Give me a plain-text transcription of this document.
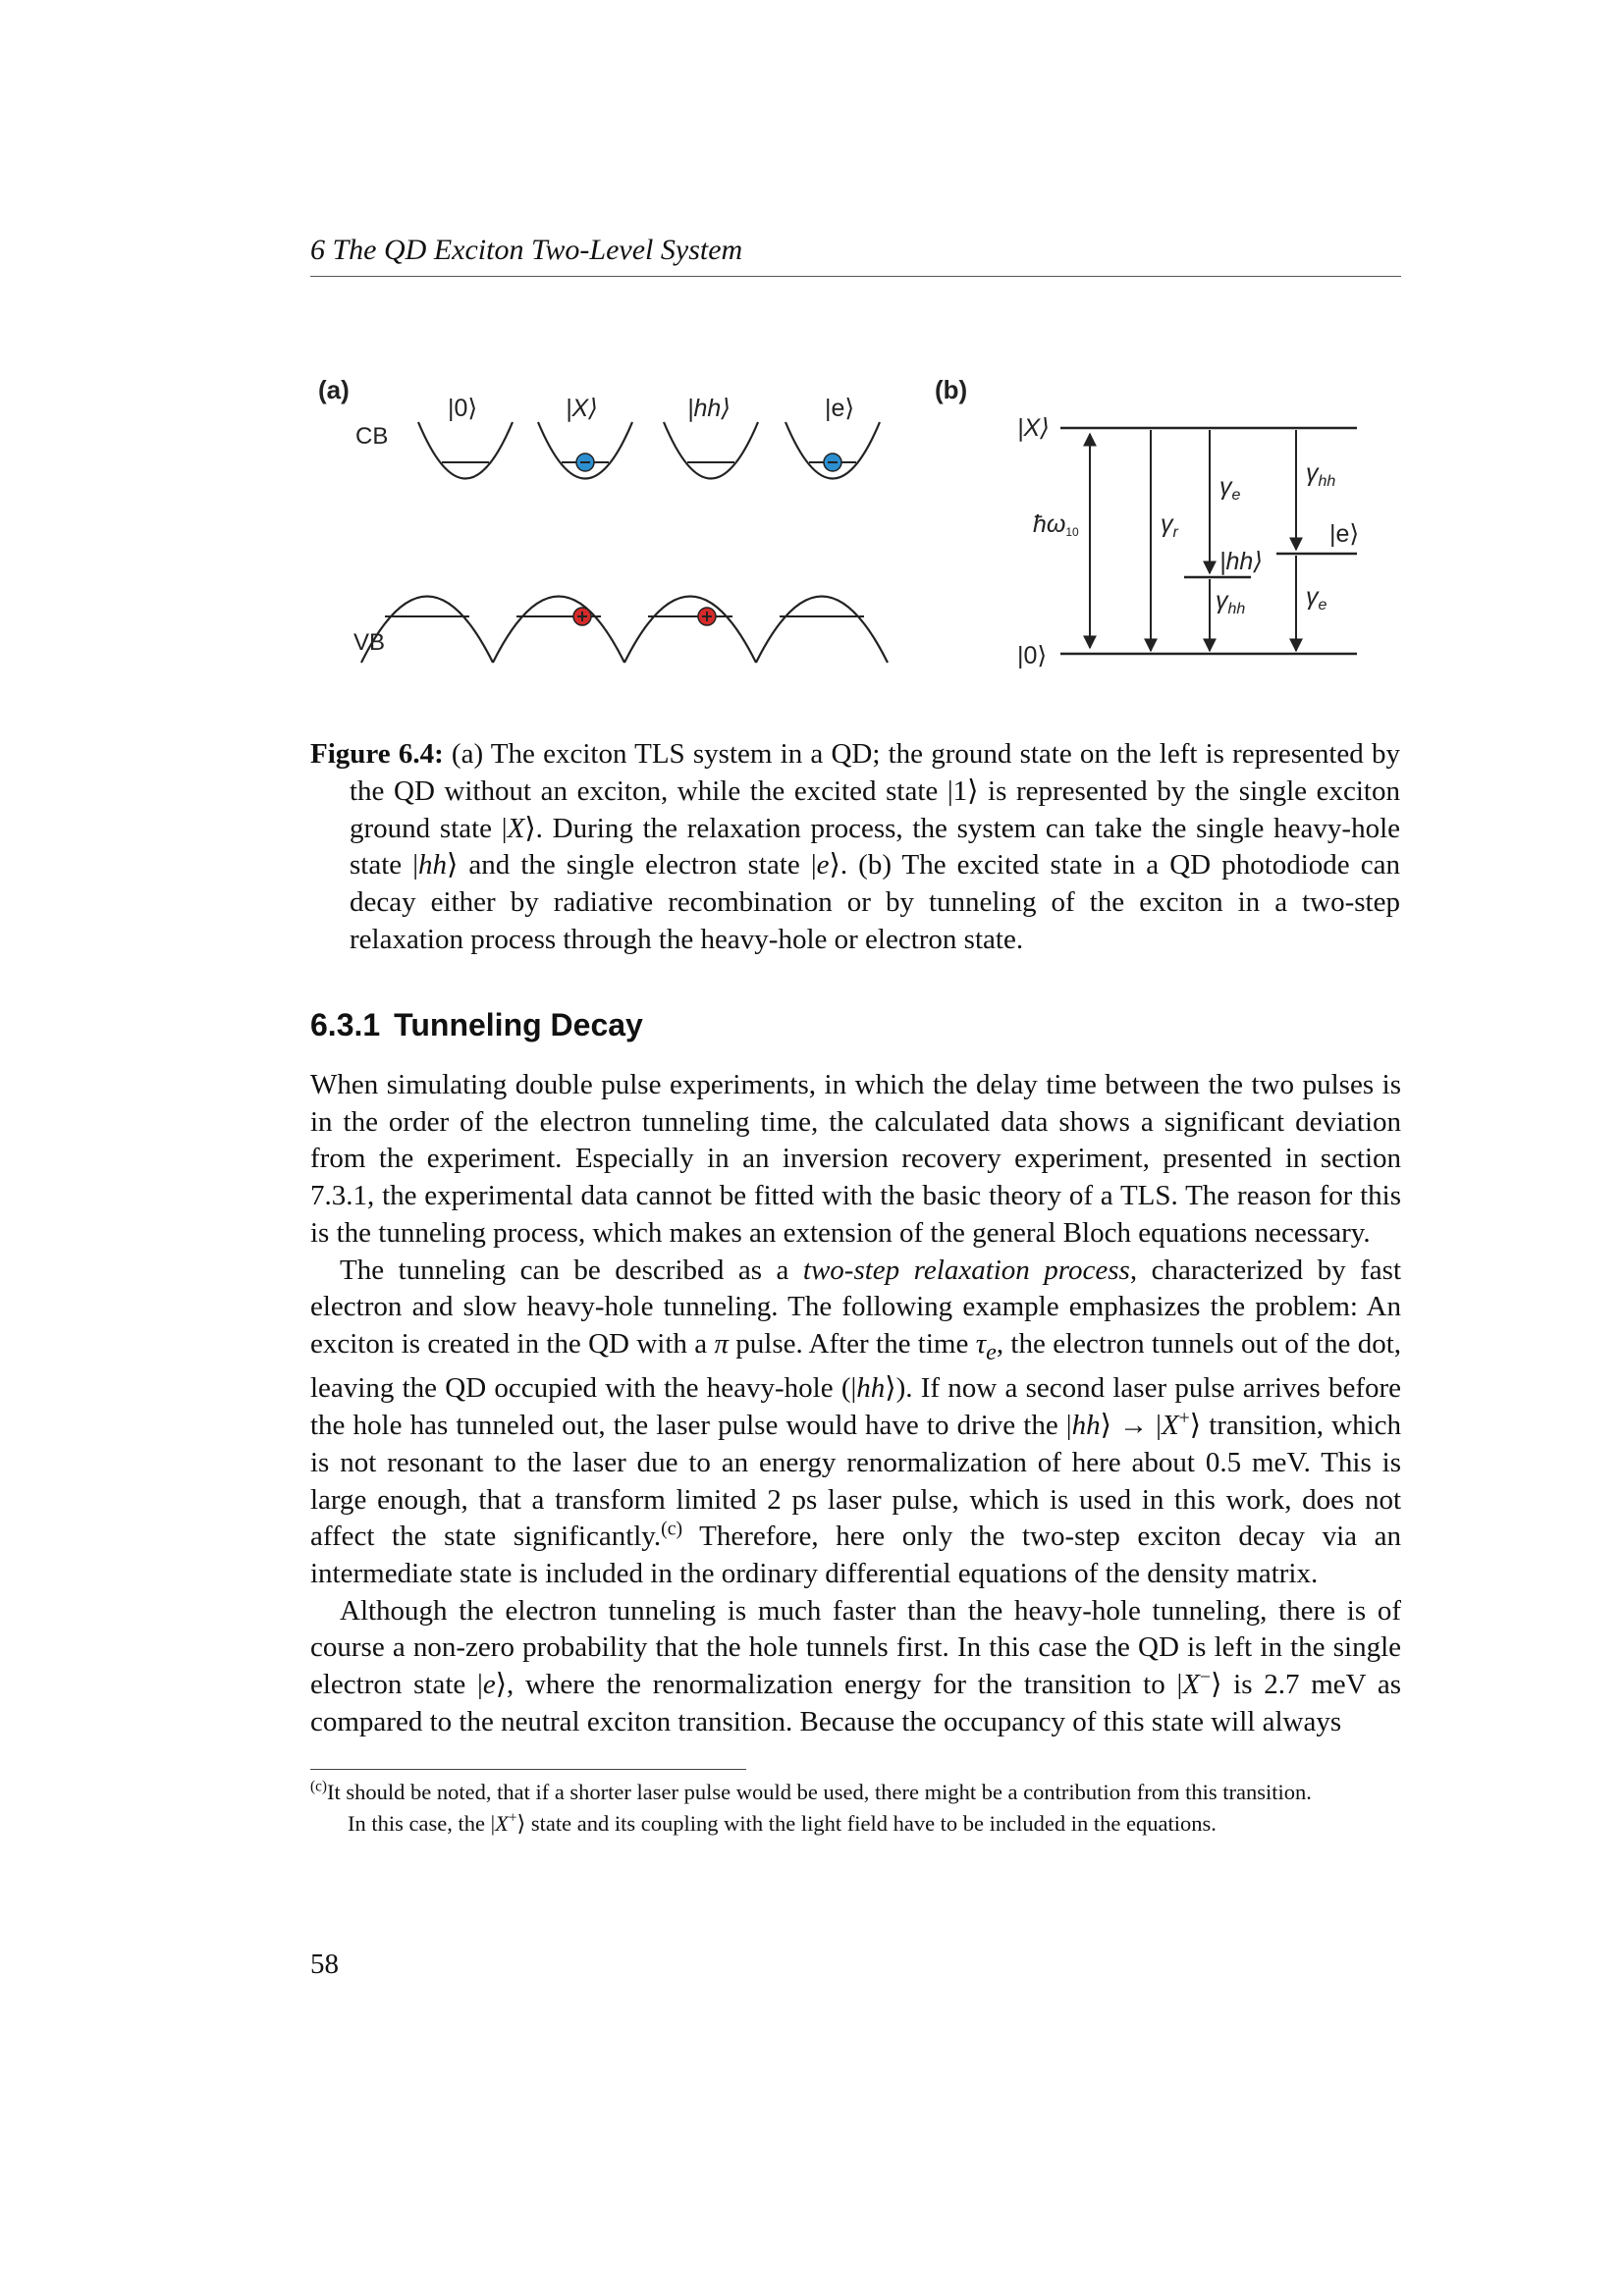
6 The QD Exciton Two-Level System
(a)
CB
VB
|0⟩	|X⟩	|hh⟩	|e⟩
(b)
|X⟩
|0⟩
ħω10	$\gamma_r$
$\gamma_e$
|hh⟩
$\gamma_{hh}$
$\gamma_{hh}$
|e⟩
$\gamma_e$
Figure 6.4: (a) The exciton TLS system in a QD; the ground state on the left is represented by the QD without an exciton, while the excited state |1⟩ is represented by the single exciton ground state |X⟩. During the relaxation process, the system can take the single heavy-hole state |hh⟩ and the single electron state |e⟩. (b) The excited state in a QD photodiode can decay either by radiative recombination or by tunneling of the exciton in a two-step relaxation process through the heavy-hole or electron state.
6.3.1 Tunneling Decay

When simulating double pulse experiments, in which the delay time between the two pulses is in the order of the electron tunneling time, the calculated data shows a significant deviation from the experiment. Especially in an inversion recovery experiment, presented in section 7.3.1, the experimental data cannot be fitted with the basic theory of a TLS. The reason for this is the tunneling process, which makes an extension of the general Bloch equations necessary.

The tunneling can be described as a two-step relaxation process, characterized by fast electron and slow heavy-hole tunneling. The following example emphasizes the problem: An exciton is created in the QD with a π pulse. After the time $\tau_e$, the electron tunnels out of the dot, leaving the QD occupied with the heavy-hole (|hh⟩). If now a second laser pulse arrives before the hole has tunneled out, the laser pulse would have to drive the |hh⟩ → |X+⟩ transition, which is not resonant to the laser due to an energy renormalization of here about 0.5 meV. This is large enough, that a transform limited 2 ps laser pulse, which is used in this work, does not affect the state significantly.$^{(c)}$ Therefore, here only the two-step exciton decay via an intermediate state is included in the ordinary differential equations of the density matrix.

Although the electron tunneling is much faster than the heavy-hole tunneling, there is of course a non-zero probability that the hole tunnels first. In this case the QD is left in the single electron state |e⟩, where the renormalization energy for the transition to |X−⟩ is 2.7 meV as compared to the neutral exciton transition. Because the occupancy of this state will always

$^{(c)}$It should be noted, that if a shorter laser pulse would be used, there might be a contribution from this transition.
In this case, the |X+⟩ state and its coupling with the light field have to be included in the equations.
58
